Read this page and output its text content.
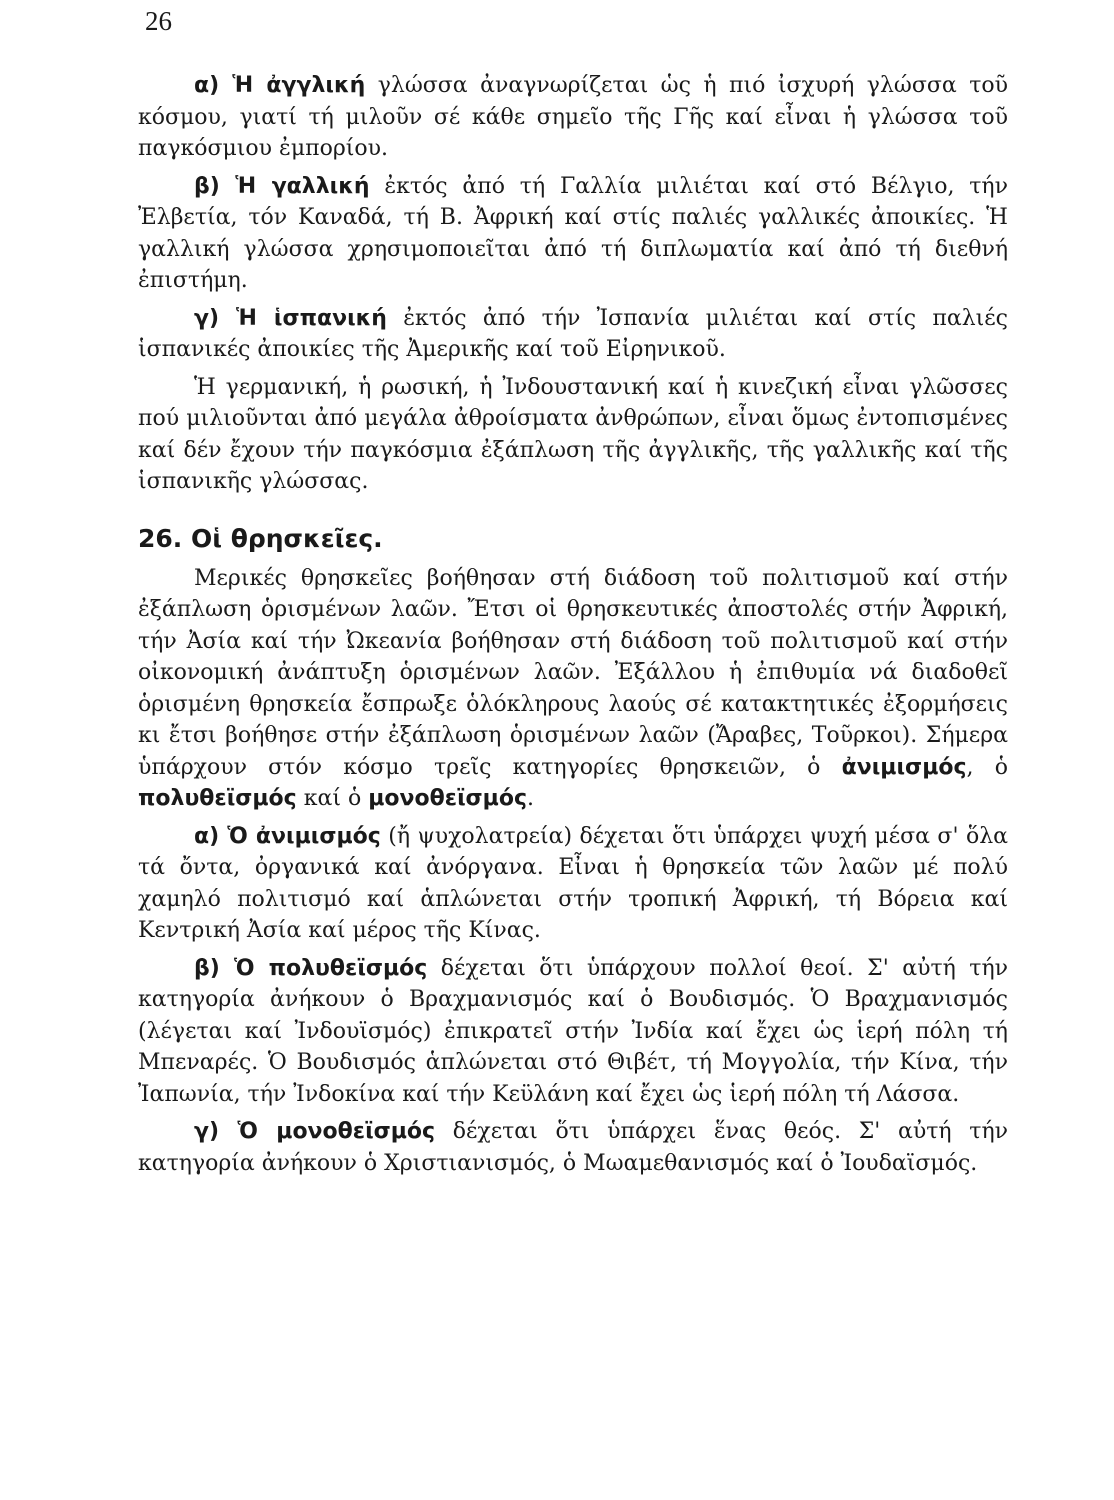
26

α) Ἡ ἀγγλική γλώσσα ἀναγνωρίζεται ὡς ἡ πιό ἰσχυρή γλώσσα τοῦ κόσμου, γιατί τή μιλοῦν σέ κάθε σημεῖο τῆς Γῆς καί εἶναι ἡ γλώσσα τοῦ παγκόσμιου ἐμπορίου.

β) Ἡ γαλλική ἐκτός ἀπό τή Γαλλία μιλιέται καί στό Βέλγιο, τήν Ἐλβετία, τόν Καναδά, τή Β. Ἀφρική καί στίς παλιές γαλλικές ἀποικίες. Ἡ γαλλική γλώσσα χρησιμοποιεῖται ἀπό τή διπλωματία καί ἀπό τή διεθνή ἐπιστήμη.

γ) Ἡ ἱσπανική ἐκτός ἀπό τήν Ἰσπανία μιλιέται καί στίς παλιές ἱσπανικές ἀποικίες τῆς Ἀμερικῆς καί τοῦ Εἰρηνικοῦ.

Ἡ γερμανική, ἡ ρωσική, ἡ Ἰνδουστανική καί ἡ κινεζική εἶναι γλῶσσες πού μιλιοῦνται ἀπό μεγάλα ἀθροίσματα ἀνθρώπων, εἶναι ὅμως ἐντοπισμένες καί δέν ἔχουν τήν παγκόσμια ἐξάπλωση τῆς ἀγγλικῆς, τῆς γαλλικῆς καί τῆς ἱσπανικῆς γλώσσας.

26. Οἱ θρησκεῖες.

Μερικές θρησκεῖες βοήθησαν στή διάδοση τοῦ πολιτισμοῦ καί στήν ἐξάπλωση ὁρισμένων λαῶν. Ἔτσι οἱ θρησκευτικές ἀποστολές στήν Ἀφρική, τήν Ἀσία καί τήν Ὠκεανία βοήθησαν στή διάδοση τοῦ πολιτισμοῦ καί στήν οἰκονομική ἀνάπτυξη ὁρισμένων λαῶν. Ἐξάλλου ἡ ἐπιθυμία νά διαδοθεῖ ὁρισμένη θρησκεία ἔσπρωξε ὁλόκληρους λαούς σέ κατακτητικές ἐξορμήσεις κι ἔτσι βοήθησε στήν ἐξάπλωση ὁρισμένων λαῶν (Ἄραβες, Τοῦρκοι). Σήμερα ὑπάρχουν στόν κόσμο τρεῖς κατηγορίες θρησκειῶν, ὁ ἀνιμισμός, ὁ πολυθεϊσμός καί ὁ μονοθεϊσμός.

α) Ὁ ἀνιμισμός (ἤ ψυχολατρεία) δέχεται ὅτι ὑπάρχει ψυχή μέσα σ' ὅλα τά ὄντα, ὀργανικά καί ἀνόργανα. Εἶναι ἡ θρησκεία τῶν λαῶν μέ πολύ χαμηλό πολιτισμό καί ἁπλώνεται στήν τροπική Ἀφρική, τή Βόρεια καί Κεντρική Ἀσία καί μέρος τῆς Κίνας.

β) Ὁ πολυθεϊσμός δέχεται ὅτι ὑπάρχουν πολλοί θεοί. Σ' αὐτή τήν κατηγορία ἀνήκουν ὁ Βραχμανισμός καί ὁ Βουδισμός. Ὁ Βραχμανισμός (λέγεται καί Ἰνδουϊσμός) ἐπικρατεῖ στήν Ἰνδία καί ἔχει ὡς ἱερή πόλη τή Μπεναρές. Ὁ Βουδισμός ἁπλώνεται στό Θιβέτ, τή Μογγολία, τήν Κίνα, τήν Ἰαπωνία, τήν Ἰνδοκίνα καί τήν Κεϋλάνη καί ἔχει ὡς ἱερή πόλη τή Λάσσα.

γ) Ὁ μονοθεϊσμός δέχεται ὅτι ὑπάρχει ἕνας θεός. Σ' αὐτή τήν κατηγορία ἀνήκουν ὁ Χριστιανισμός, ὁ Μωαμεθανισμός καί ὁ Ἰουδαϊσμός.
